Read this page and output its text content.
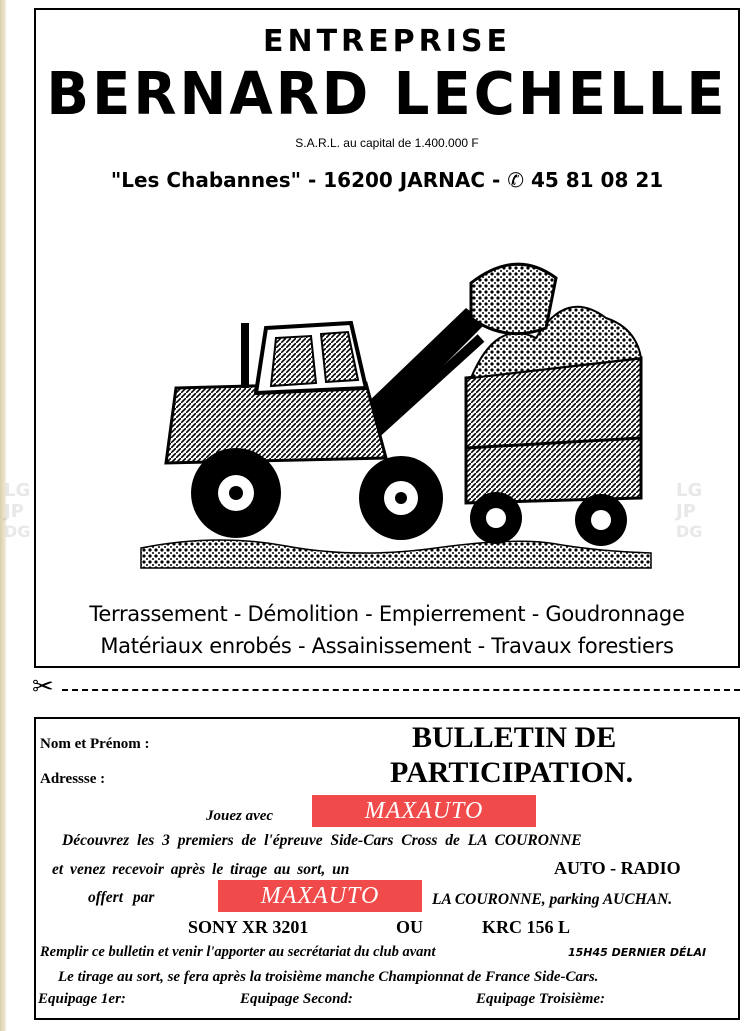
ENTREPRISE
BERNARD LECHELLE
S.A.R.L. au capital de 1.400.000 F
"Les Chabannes" - 16200 JARNAC - ✆ 45 81 08 21
Terrassement - Démolition - Empierrement - Goudronnage
Matériaux enrobés - Assainissement - Travaux forestiers
LG
JP
DG
LG
JP
DG
✂
Nom et Prénom :
Adressse :
BULLETIN DE
PARTICIPATION.
Jouez avec	MAXAUTO
Découvrez les 3 premiers de l'épreuve Side-Cars Cross de LA COURONNE
et venez recevoir après le tirage au sort, un	AUTO - RADIO
offert par	MAXAUTO	LA COURONNE, parking AUCHAN.
SONY XR 3201	OU	KRC 156 L
Remplir ce bulletin et venir l'apporter au secrétariat du club avant	15H45 DERNIER DÉLAI
Le tirage au sort, se fera après la troisième manche Championnat de France Side-Cars.
Equipage 1er:	Equipage Second:	Equipage Troisième:
